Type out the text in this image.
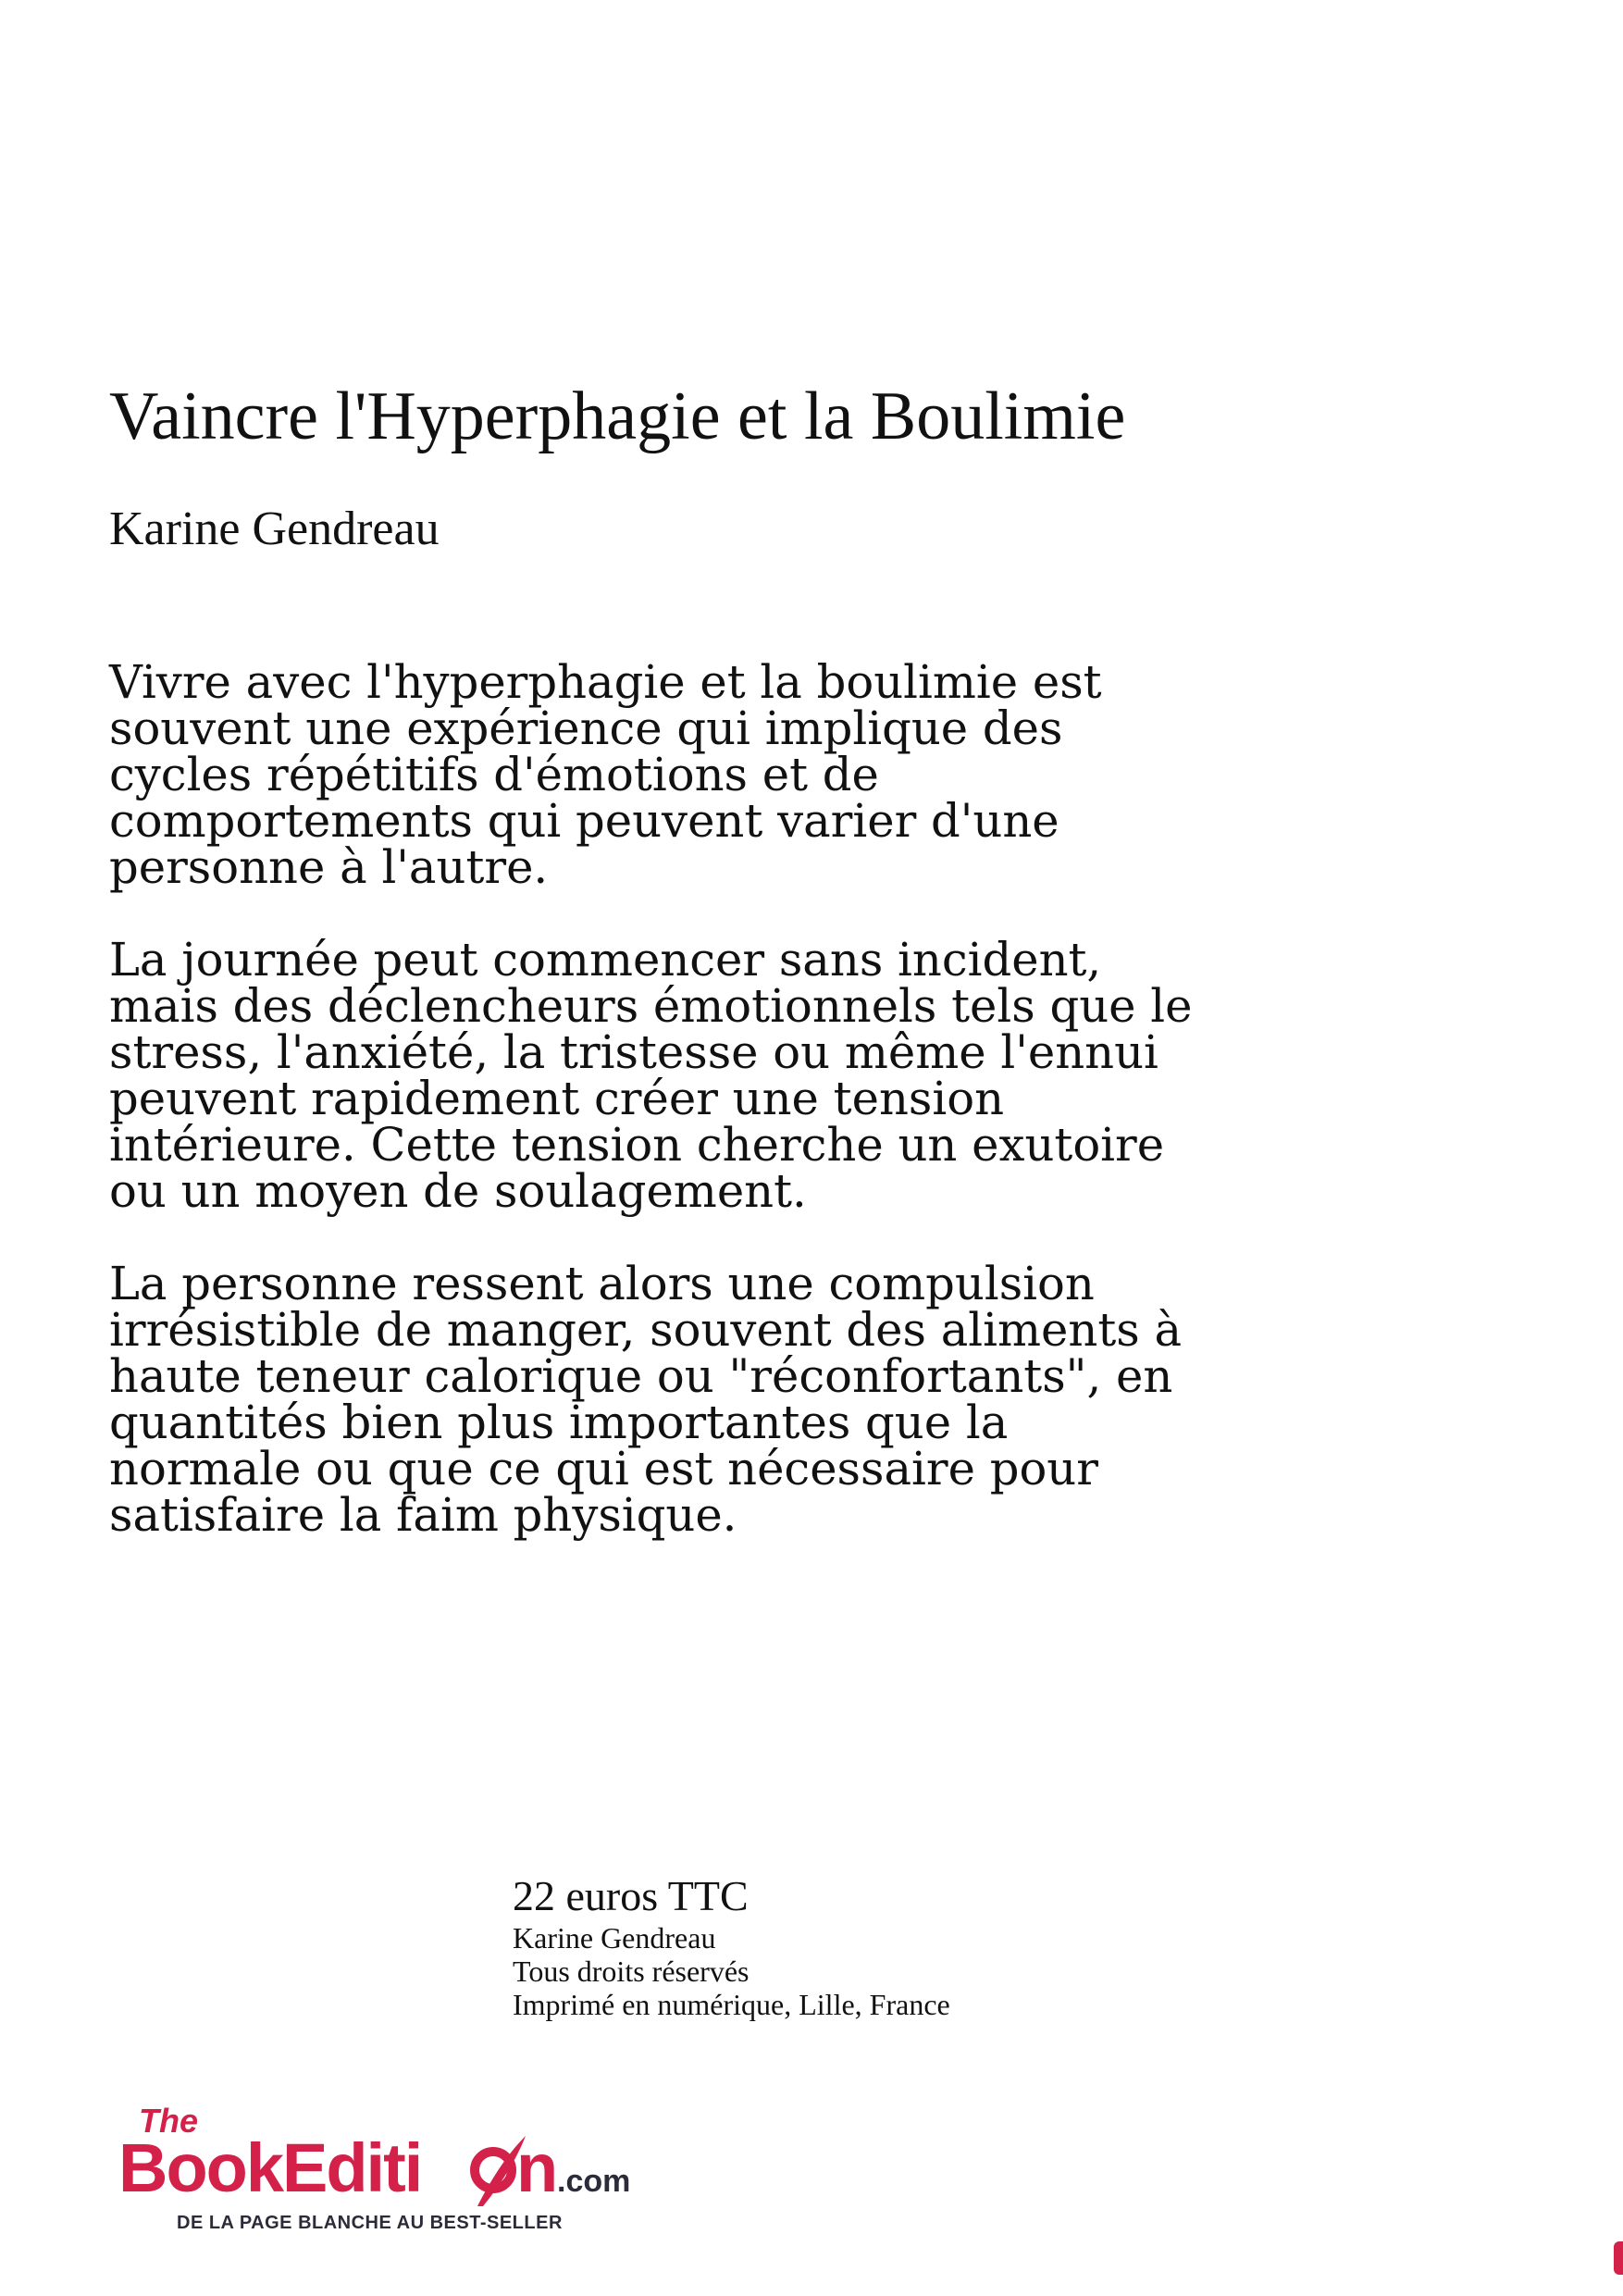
Vaincre l'Hyperphagie et la Boulimie
Karine Gendreau

Vivre avec l'hyperphagie et la boulimie est
souvent une expérience qui implique des
cycles répétitifs d'émotions et de
comportements qui peuvent varier d'une
personne à l'autre.

La journée peut commencer sans incident,
mais des déclencheurs émotionnels tels que le
stress, l'anxiété, la tristesse ou même l'ennui
peuvent rapidement créer une tension
intérieure. Cette tension cherche un exutoire
ou un moyen de soulagement.

La personne ressent alors une compulsion
irrésistible de manger, souvent des aliments à
haute teneur calorique ou "réconfortants", en
quantités bien plus importantes que la
normale ou que ce qui est nécessaire pour
satisfaire la faim physique.

22 euros TTC
Karine Gendreau
Tous droits réservés
Imprimé en numérique, Lille, France
The
BookEditi n
.com
DE LA PAGE BLANCHE AU BEST-SELLER
